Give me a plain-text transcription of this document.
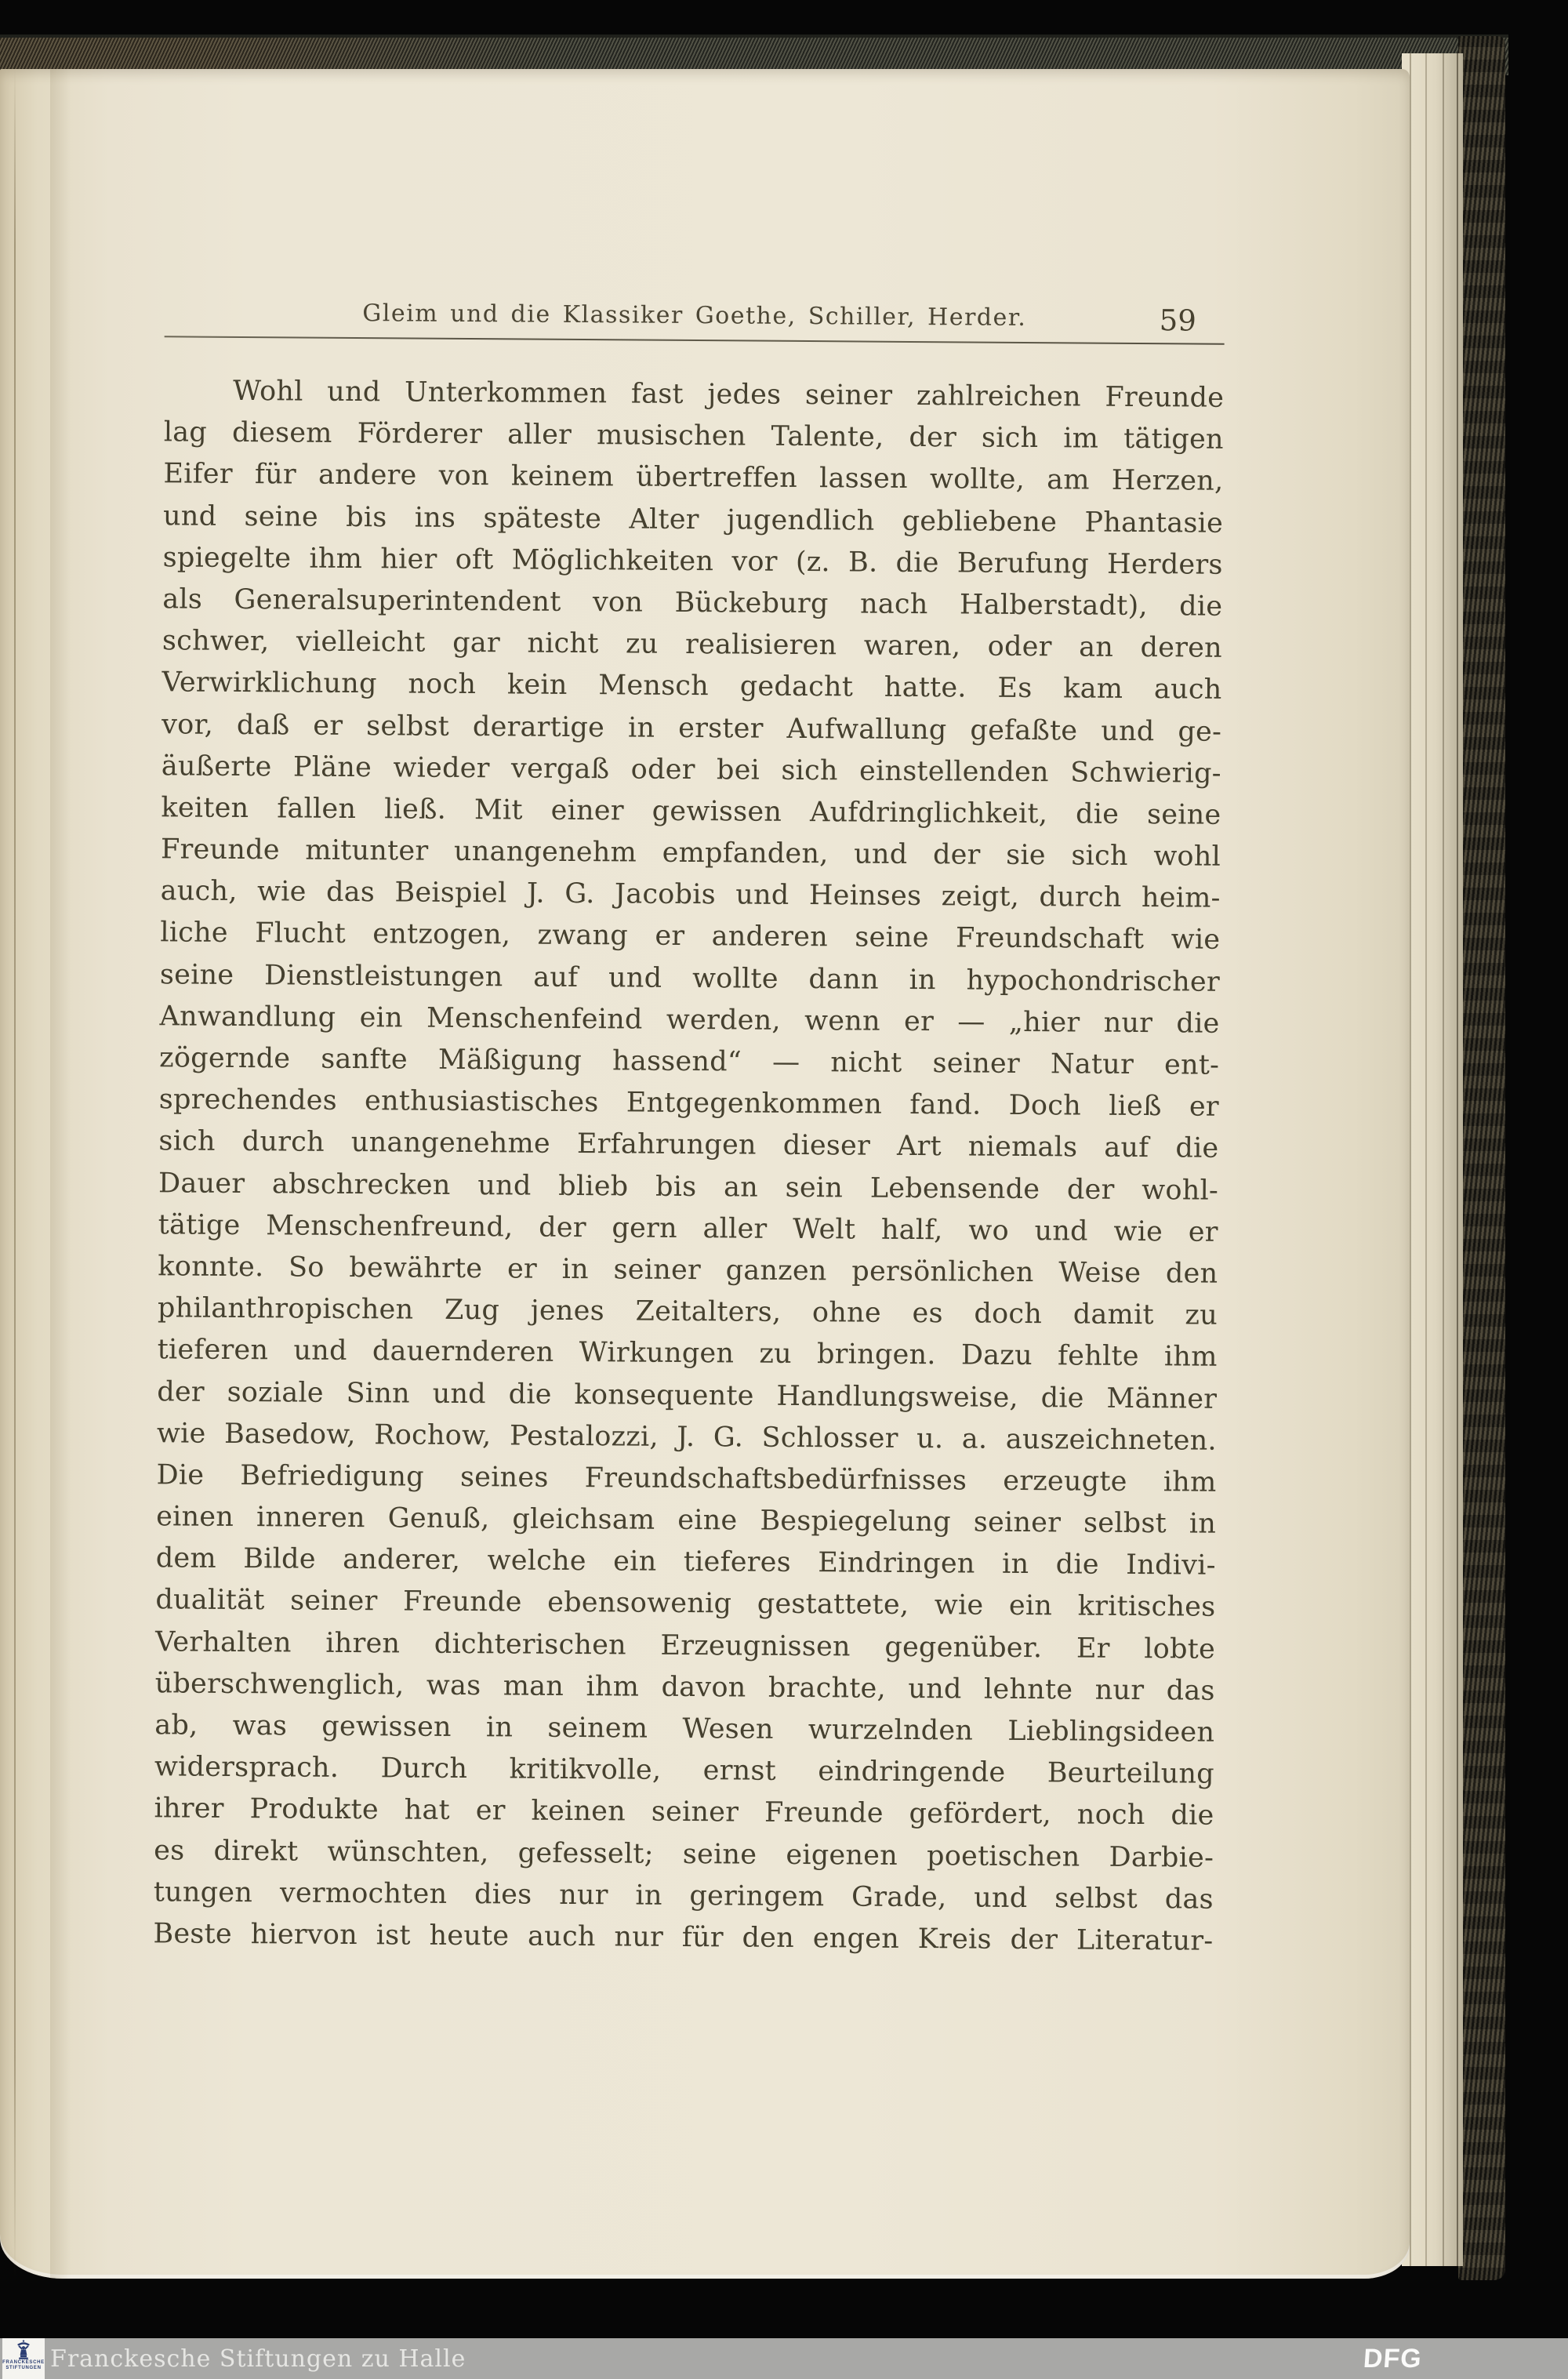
Gleim und die Klassiker Goethe, Schiller, Herder.	59
Wohl und Unterkommen fast jedes seiner zahlreichen Freunde
lag diesem Förderer aller musischen Talente, der sich im tätigen
Eifer für andere von keinem übertreffen lassen wollte, am Herzen,
und seine bis ins späteste Alter jugendlich gebliebene Phantasie
spiegelte ihm hier oft Möglichkeiten vor (z. B. die Berufung Herders
als Generalsuperintendent von Bückeburg nach Halberstadt), die
schwer, vielleicht gar nicht zu realisieren waren, oder an deren
Verwirklichung noch kein Mensch gedacht hatte. Es kam auch
vor, daß er selbst derartige in erster Aufwallung gefaßte und ge-
äußerte Pläne wieder vergaß oder bei sich einstellenden Schwierig-
keiten fallen ließ. Mit einer gewissen Aufdringlichkeit, die seine
Freunde mitunter unangenehm empfanden, und der sie sich wohl
auch, wie das Beispiel J. G. Jacobis und Heinses zeigt, durch heim-
liche Flucht entzogen, zwang er anderen seine Freundschaft wie
seine Dienstleistungen auf und wollte dann in hypochondrischer
Anwandlung ein Menschenfeind werden, wenn er — „hier nur die
zögernde sanfte Mäßigung hassend“ — nicht seiner Natur ent-
sprechendes enthusiastisches Entgegenkommen fand. Doch ließ er
sich durch unangenehme Erfahrungen dieser Art niemals auf die
Dauer abschrecken und blieb bis an sein Lebensende der wohl-
tätige Menschenfreund, der gern aller Welt half, wo und wie er
konnte. So bewährte er in seiner ganzen persönlichen Weise den
philanthropischen Zug jenes Zeitalters, ohne es doch damit zu
tieferen und dauernderen Wirkungen zu bringen. Dazu fehlte ihm
der soziale Sinn und die konsequente Handlungsweise, die Männer
wie Basedow, Rochow, Pestalozzi, J. G. Schlosser u. a. auszeichneten.
Die Befriedigung seines Freundschaftsbedürfnisses erzeugte ihm
einen inneren Genuß, gleichsam eine Bespiegelung seiner selbst in
dem Bilde anderer, welche ein tieferes Eindringen in die Indivi-
dualität seiner Freunde ebensowenig gestattete, wie ein kritisches
Verhalten ihren dichterischen Erzeugnissen gegenüber. Er lobte
überschwenglich, was man ihm davon brachte, und lehnte nur das
ab, was gewissen in seinem Wesen wurzelnden Lieblingsideen
widersprach. Durch kritikvolle, ernst eindringende Beurteilung
ihrer Produkte hat er keinen seiner Freunde gefördert, noch die
es direkt wünschten, gefesselt; seine eigenen poetischen Darbie-
tungen vermochten dies nur in geringem Grade, und selbst das
Beste hiervon ist heute auch nur für den engen Kreis der Literatur-
FRANCKESCHE
STIFTUNGEN Franckesche Stiftungen zu Halle	DFG
